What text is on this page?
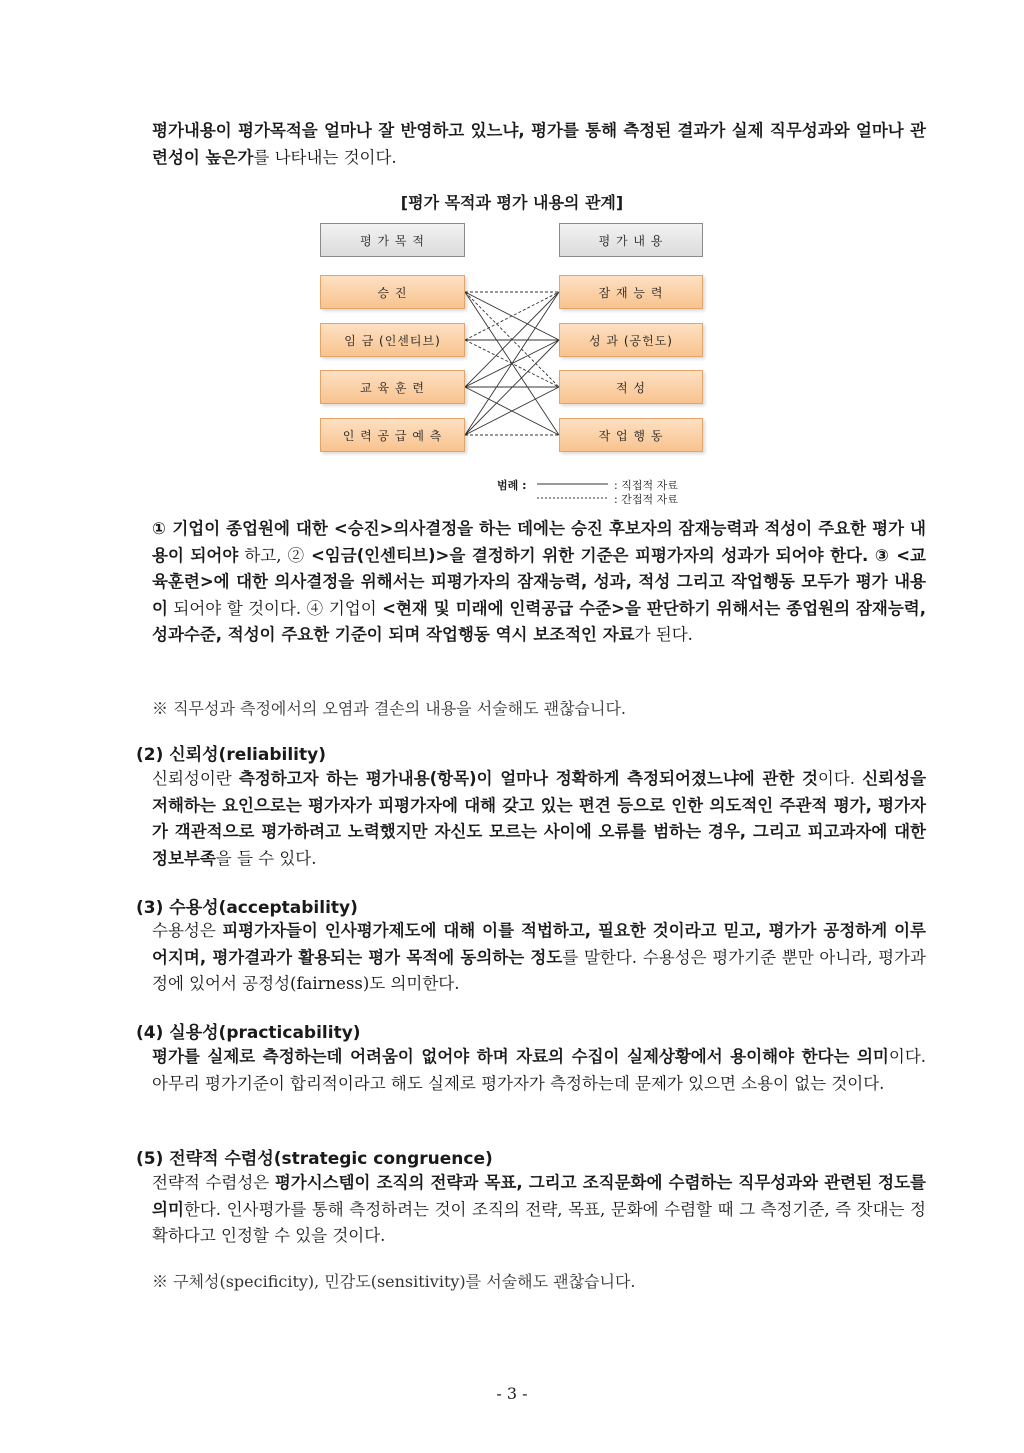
평가내용이 평가목적을 얼마나 잘 반영하고 있느냐, 평가를 통해 측정된 결과가 실제 직무성과와 얼마나 관련성이 높은가를 나타내는 것이다.
[평가 목적과 평가 내용의 관계]
평 가 목 적	평 가 내 용
승 진
임 금 (인센티브)
교 육 훈 련
인 력 공 급 예 측
잠 재 능 력
성 과 (공헌도)
적 성
작 업 행 동
범례 :	: 직접적 자료
: 간접적 자료
① 기업이 종업원에 대한 <승진>의사결정을 하는 데에는 승진 후보자의 잠재능력과 적성이 주요한 평가 내용이 되어야 하고, ② <임금(인센티브)>을 결정하기 위한 기준은 피평가자의 성과가 되어야 한다. ③ <교육훈련>에 대한 의사결정을 위해서는 피평가자의 잠재능력, 성과, 적성 그리고 작업행동 모두가 평가 내용이 되어야 할 것이다. ④ 기업이 <현재 및 미래에 인력공급 수준>을 판단하기 위해서는 종업원의 잠재능력, 성과수준, 적성이 주요한 기준이 되며 작업행동 역시 보조적인 자료가 된다.
※ 직무성과 측정에서의 오염과 결손의 내용을 서술해도 괜찮습니다.
(2) 신뢰성(reliability)
신뢰성이란 측정하고자 하는 평가내용(항목)이 얼마나 정확하게 측정되어졌느냐에 관한 것이다. 신뢰성을 저해하는 요인으로는 평가자가 피평가자에 대해 갖고 있는 편견 등으로 인한 의도적인 주관적 평가, 평가자가 객관적으로 평가하려고 노력했지만 자신도 모르는 사이에 오류를 범하는 경우, 그리고 피고과자에 대한 정보부족을 들 수 있다.
(3) 수용성(acceptability)
수용성은 피평가자들이 인사평가제도에 대해 이를 적법하고, 필요한 것이라고 믿고, 평가가 공정하게 이루어지며, 평가결과가 활용되는 평가 목적에 동의하는 정도를 말한다. 수용성은 평가기준 뿐만 아니라, 평가과정에 있어서 공정성(fairness)도 의미한다.
(4) 실용성(practicability)
평가를 실제로 측정하는데 어려움이 없어야 하며 자료의 수집이 실제상황에서 용이해야 한다는 의미이다. 아무리 평가기준이 합리적이라고 해도 실제로 평가자가 측정하는데 문제가 있으면 소용이 없는 것이다.
(5) 전략적 수렴성(strategic congruence)
전략적 수렴성은 평가시스템이 조직의 전략과 목표, 그리고 조직문화에 수렴하는 직무성과와 관련된 정도를 의미한다. 인사평가를 통해 측정하려는 것이 조직의 전략, 목표, 문화에 수렴할 때 그 측정기준, 즉 잣대는 정확하다고 인정할 수 있을 것이다.
※ 구체성(specificity), 민감도(sensitivity)를 서술해도 괜찮습니다.
- 3 -
